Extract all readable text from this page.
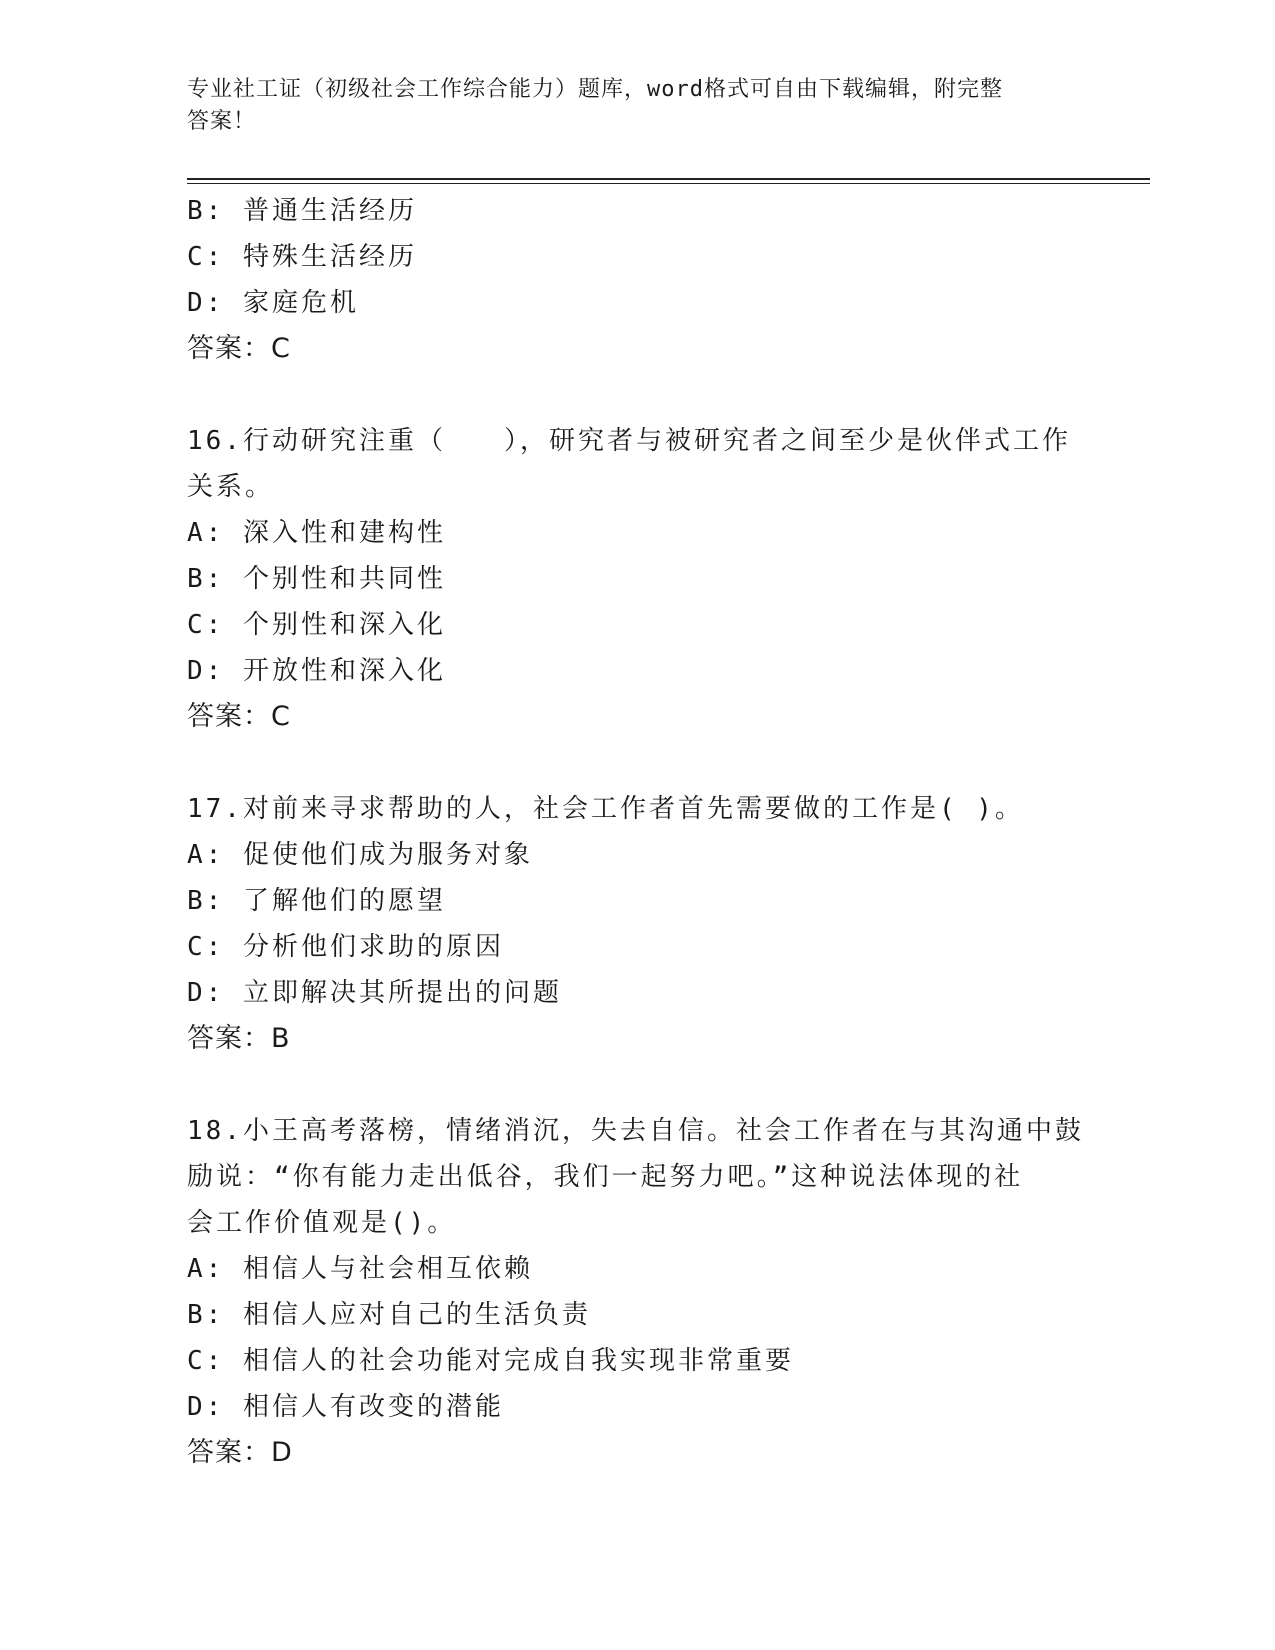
专业社工证（初级社会工作综合能力）题库，word格式可自由下载编辑，附完整
答案！
B: 普通生活经历
C: 特殊生活经历
D: 家庭危机
答案：C
16.行动研究注重（　　），研究者与被研究者之间至少是伙伴式工作
关系。
A: 深入性和建构性
B: 个别性和共同性
C: 个别性和深入化
D: 开放性和深入化
答案：C
17.对前来寻求帮助的人，社会工作者首先需要做的工作是( )。
A: 促使他们成为服务对象
B: 了解他们的愿望
C: 分析他们求助的原因
D: 立即解决其所提出的问题
答案：B
18.小王高考落榜，情绪消沉，失去自信。社会工作者在与其沟通中鼓
励说：“你有能力走出低谷，我们一起努力吧。”这种说法体现的社
会工作价值观是()。
A: 相信人与社会相互依赖
B: 相信人应对自己的生活负责
C: 相信人的社会功能对完成自我实现非常重要
D: 相信人有改变的潜能
答案：D
